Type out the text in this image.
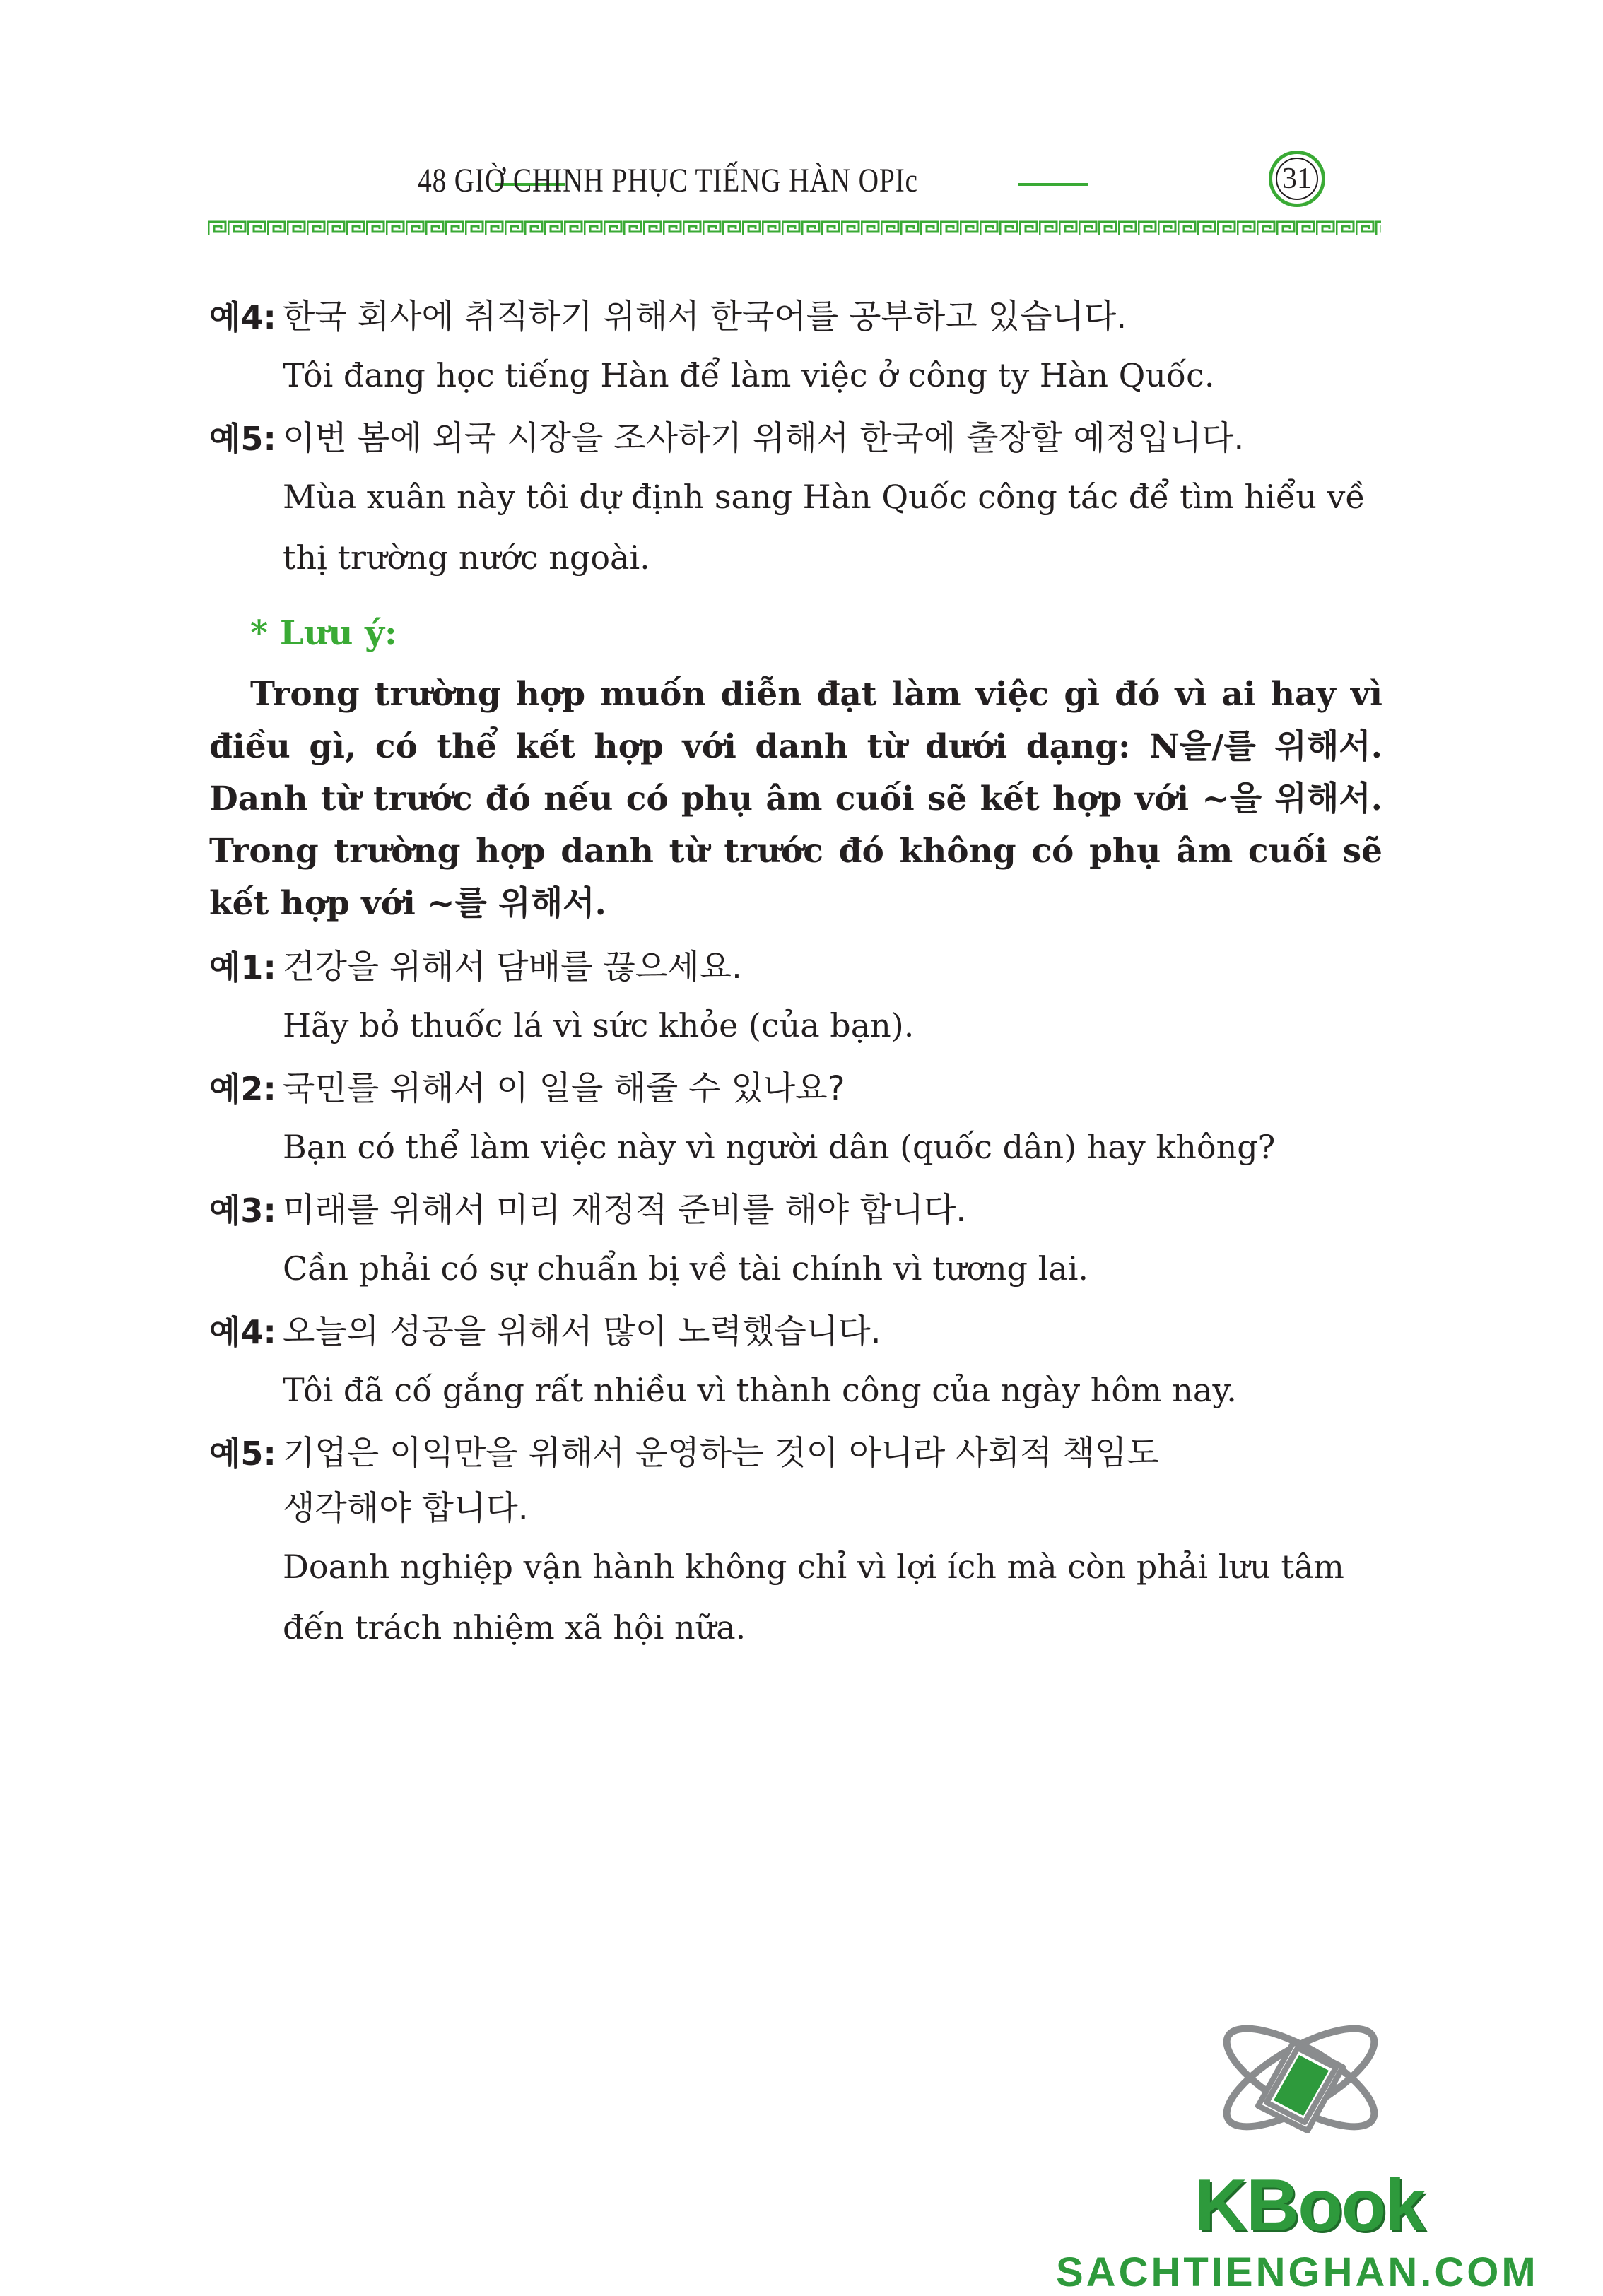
48 GIỜ CHINH PHỤC TIẾNG HÀN OPIc	31
예4: 한국 회사에 취직하기 위해서 한국어를 공부하고 있습니다.
Tôi đang học tiếng Hàn để làm việc ở công ty Hàn Quốc.
예5: 이번 봄에 외국 시장을 조사하기 위해서 한국에 출장할 예정입니다.
Mùa xuân này tôi dự định sang Hàn Quốc công tác để tìm hiểu về
thị trường nước ngoài.
* Lưu ý:
Trong trường hợp muốn diễn đạt làm việc gì đó vì ai hay vì điều gì, có thể kết hợp với danh từ dưới dạng: N을/를 위해서. Danh từ trước đó nếu có phụ âm cuối sẽ kết hợp với ~을 위해서. Trong trường hợp danh từ trước đó không có phụ âm cuối sẽ kết hợp với ~를 위해서.
예1: 건강을 위해서 담배를 끊으세요.
Hãy bỏ thuốc lá vì sức khỏe (của bạn).
예2: 국민를 위해서 이 일을 해줄 수 있나요?
Bạn có thể làm việc này vì người dân (quốc dân) hay không?
예3: 미래를 위해서 미리 재정적 준비를 해야 합니다.
Cần phải có sự chuẩn bị về tài chính vì tương lai.
예4: 오늘의 성공을 위해서 많이 노력했습니다.
Tôi đã cố gắng rất nhiều vì thành công của ngày hôm nay.
예5: 기업은 이익만을 위해서 운영하는 것이 아니라 사회적 책임도
생각해야 합니다.
Doanh nghiệp vận hành không chỉ vì lợi ích mà còn phải lưu tâm
đến trách nhiệm xã hội nữa.
KBook
SACHTIENGHAN.COM
